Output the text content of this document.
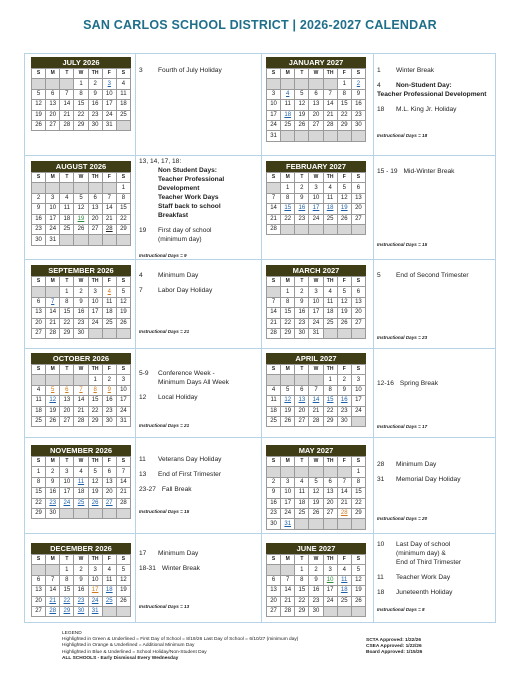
SAN CARLOS SCHOOL DISTRICT | 2026-2027 CALENDAR
JULY 2026
S	M	T	W	TH	F	S
			1	2	3	4
5	6	7	8	9	10	11
12	13	14	15	16	17	18
19	20	21	22	23	24	25
26	27	28	29	30	31	
JANUARY 2027
S	M	T	W	TH	F	S
					1	2
3	4	5	6	7	8	9
10	11	12	13	14	15	16
17	18	19	20	21	22	23
24	25	26	27	28	29	30
31						
AUGUST 2026
S	M	T	W	TH	F	S
						1
2	3	4	5	6	7	8
9	10	11	12	13	14	15
16	17	18	19	20	21	22
23	24	25	26	27	28	29
30	31					
FEBRUARY 2027
S	M	T	W	TH	F	S
	1	2	3	4	5	6
7	8	9	10	11	12	13
14	15	16	17	18	19	20
21	22	23	24	25	26	27
28						
SEPTEMBER 2026
S	M	T	W	TH	F	S
		1	2	3	4	5
6	7	8	9	10	11	12
13	14	15	16	17	18	19
20	21	22	23	24	25	26
27	28	29	30			
MARCH 2027
S	M	T	W	TH	F	S
	1	2	3	4	5	6
7	8	9	10	11	12	13
14	15	16	17	18	19	20
21	22	23	24	25	26	27
28	29	30	31			
OCTOBER 2026
S	M	T	W	TH	F	S
				1	2	3
4	5	6	7	8	9	10
11	12	13	14	15	16	17
18	19	20	21	22	23	24
25	26	27	28	29	30	31
APRIL 2027
S	M	T	W	TH	F	S
				1	2	3
4	5	6	7	8	9	10
11	12	13	14	15	16	17
18	19	20	21	22	23	24
25	26	27	28	29	30	
NOVEMBER 2026
S	M	T	W	TH	F	S
1	2	3	4	5	6	7
8	9	10	11	12	13	14
15	16	17	18	19	20	21
22	23	24	25	26	27	28
29	30					
MAY 2027
S	M	T	W	TH	F	S
						1
2	3	4	5	6	7	8
9	10	11	12	13	14	15
16	17	18	19	20	21	22
23	24	25	26	27	28	29
30	31					
DECEMBER 2026
S	M	T	W	TH	F	S
		1	2	3	4	5
6	7	8	9	10	11	12
13	14	15	16	17	18	19
20	21	22	23	24	25	26
27	28	29	30	31		
JUNE 2027
S	M	T	W	TH	F	S
		1	2	3	4	5
6	7	8	9	10	11	12
13	14	15	16	17	18	19
20	21	22	23	24	25	26
27	28	29	30			
3 Fourth of July Holiday	1 Winter Break
4 Non-Student Day:
Teacher Professional Development
18 M.L. King Jr. Holiday
Instructional Days = 18
13, 14, 17, 18:
Non Student Days:
Teacher Professional
Development
Teacher Work Days
Staff back to school
Breakfast
19 First day of school
(minimum day)
Instructional Days = 9
15 - 19 Mid-Winter Break
Instructional Days = 15
4 Minimum Day
7 Labor Day Holiday
Instructional Days = 21
5 End of Second Trimester
Instructional Days = 23
5-9 Conference Week -
Minimum Days All Week
12 Local Holiday
Instructional Days = 21
12-16 Spring Break
Instructional Days = 17
11 Veterans Day Holiday
13 End of First Trimester
23-27 Fall Break
Instructional Days = 15
28 Minimum Day
31 Memorial Day Holiday
Instructional Days = 20
17 Minimum Day
18-31 Winter Break
Instructional Days = 13
10 Last Day of school
(minimum day) &
End of Third Trimester
11 Teacher Work Day
18 Juneteenth Holiday
Instructional Days = 8
LEGEND
Highlighted in Green & Underlined = First Day of School = 8/19/26 Last Day of School = 6/10/27 (minimum day)
Highlighted in Orange & Underlined = Additional Minimum Day
Highlighted in Blue & Underlined = School Holiday/Non-Student Day
ALL SCHOOLS - Early Dismissal Every Wednesday
SCTA Approved: 1/22/26
CSEA Approved: 1/22/26
Board Approved: 1/15/26
